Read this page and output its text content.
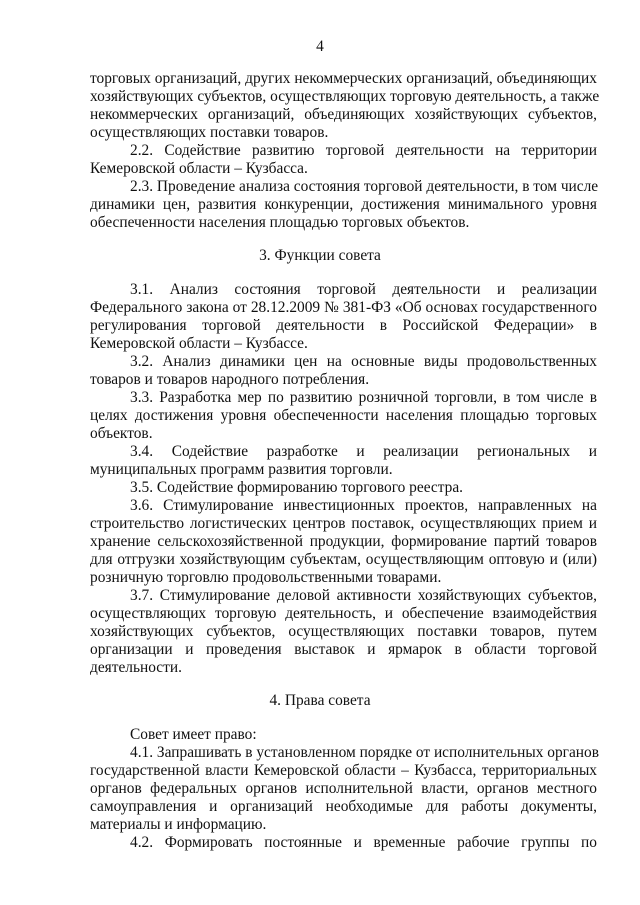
4
торговых организаций, других некоммерческих организаций, объединяющих
хозяйствующих субъектов, осуществляющих торговую деятельность, а также
некоммерческих организаций, объединяющих хозяйствующих субъектов,
осуществляющих поставки товаров.
2.2. Содействие развитию торговой деятельности на территории
Кемеровской области – Кузбасса.
2.3. Проведение анализа состояния торговой деятельности, в том числе
динамики цен, развития конкуренции, достижения минимального уровня
обеспеченности населения площадью торговых объектов.
3. Функции совета
3.1. Анализ состояния торговой деятельности и реализации
Федерального закона от 28.12.2009 № 381-ФЗ «Об основах государственного
регулирования торговой деятельности в Российской Федерации» в
Кемеровской области – Кузбассе.
3.2. Анализ динамики цен на основные виды продовольственных
товаров и товаров народного потребления.
3.3. Разработка мер по развитию розничной торговли, в том числе в
целях достижения уровня обеспеченности населения площадью торговых
объектов.
3.4. Содействие разработке и реализации региональных и
муниципальных программ развития торговли.
3.5. Содействие формированию торгового реестра.
3.6. Стимулирование инвестиционных проектов, направленных на
строительство логистических центров поставок, осуществляющих прием и
хранение сельскохозяйственной продукции, формирование партий товаров
для отгрузки хозяйствующим субъектам, осуществляющим оптовую и (или)
розничную торговлю продовольственными товарами.
3.7. Стимулирование деловой активности хозяйствующих субъектов,
осуществляющих торговую деятельность, и обеспечение взаимодействия
хозяйствующих субъектов, осуществляющих поставки товаров, путем
организации и проведения выставок и ярмарок в области торговой
деятельности.
4. Права совета
Совет имеет право:
4.1. Запрашивать в установленном порядке от исполнительных органов
государственной власти Кемеровской области – Кузбасса, территориальных
органов федеральных органов исполнительной власти, органов местного
самоуправления и организаций необходимые для работы документы,
материалы и информацию.
4.2. Формировать постоянные и временные рабочие группы по
